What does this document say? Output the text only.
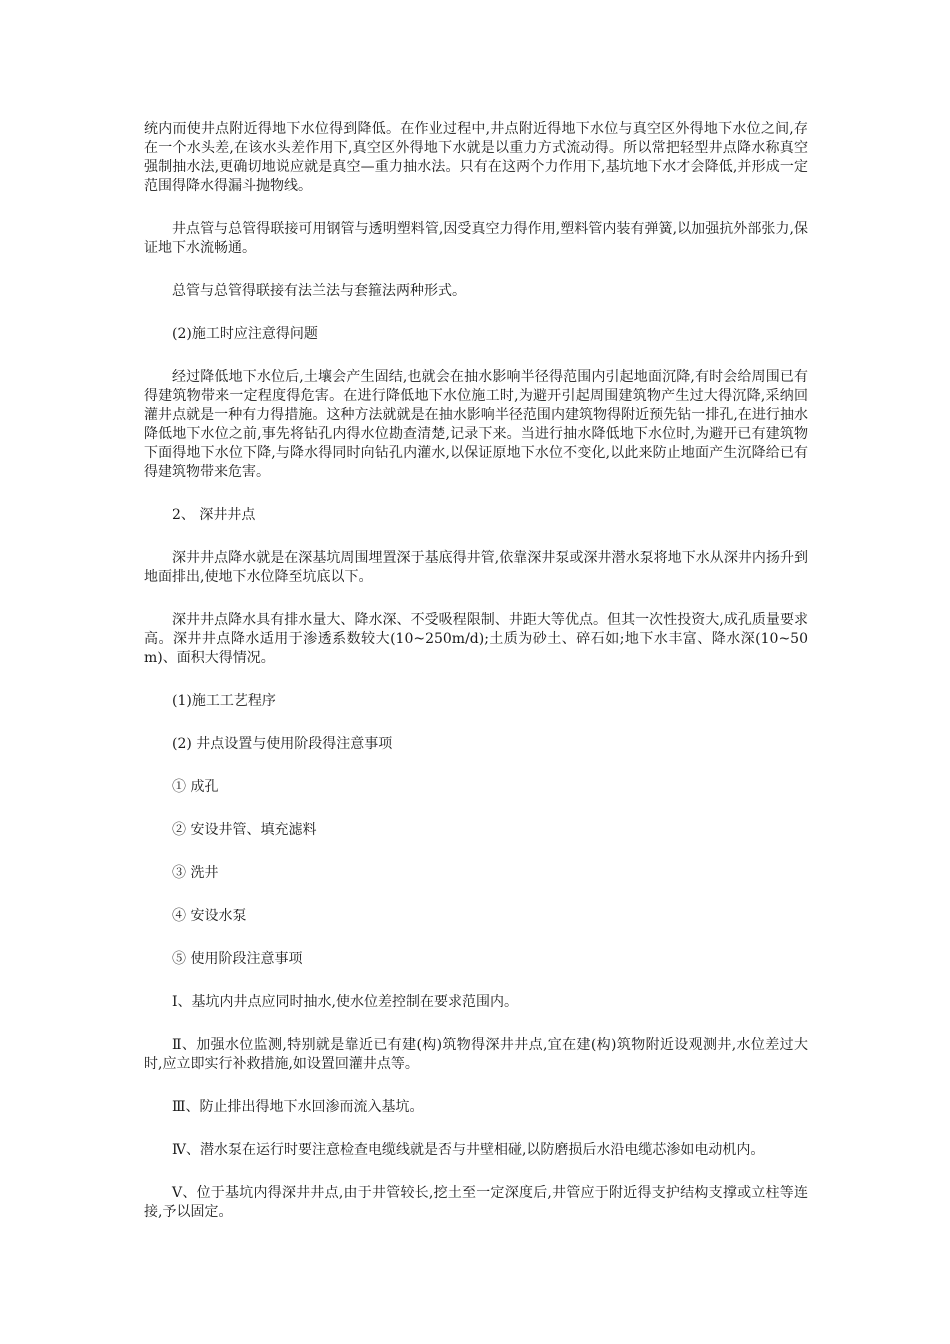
统内而使井点附近得地下水位得到降低。在作业过程中,井点附近得地下水位与真空区外得地下水位之间,存在一个水头差,在该水头差作用下,真空区外得地下水就是以重力方式流动得。所以常把轻型井点降水称真空强制抽水法,更确切地说应就是真空—重力抽水法。只有在这两个力作用下,基坑地下水才会降低,并形成一定范围得降水得漏斗抛物线。

井点管与总管得联接可用钢管与透明塑料管,因受真空力得作用,塑料管内装有弹簧,以加强抗外部张力,保证地下水流畅通。

总管与总管得联接有法兰法与套箍法两种形式。

(2)施工时应注意得问题

经过降低地下水位后,土壤会产生固结,也就会在抽水影响半径得范围内引起地面沉降,有时会给周围已有得建筑物带来一定程度得危害。在进行降低地下水位施工时,为避开引起周围建筑物产生过大得沉降,采纳回灌井点就是一种有力得措施。这种方法就就是在抽水影响半径范围内建筑物得附近预先钻一排孔,在进行抽水降低地下水位之前,事先将钻孔内得水位勘查清楚,记录下来。当进行抽水降低地下水位时,为避开已有建筑物下面得地下水位下降,与降水得同时向钻孔内灌水,以保证原地下水位不变化,以此来防止地面产生沉降给已有得建筑物带来危害。

2、 深井井点

深井井点降水就是在深基坑周围埋置深于基底得井管,依靠深井泵或深井潜水泵将地下水从深井内扬升到地面排出,使地下水位降至坑底以下。

深井井点降水具有排水量大、降水深、不受吸程限制、井距大等优点。但其一次性投资大,成孔质量要求高。深井井点降水适用于渗透系数较大(10~250m/d);土质为砂土、碎石如;地下水丰富、降水深(10~50m)、面积大得情况。

(1)施工工艺程序

(2) 井点设置与使用阶段得注意事项

① 成孔

② 安设井管、填充滤料

③ 洗井

④ 安设水泵

⑤ 使用阶段注意事项

Ⅰ、基坑内井点应同时抽水,使水位差控制在要求范围内。

Ⅱ、加强水位监测,特别就是靠近已有建(构)筑物得深井井点,宜在建(构)筑物附近设观测井,水位差过大时,应立即实行补救措施,如设置回灌井点等。

Ⅲ、防止排出得地下水回渗而流入基坑。

Ⅳ、潜水泵在运行时要注意检查电缆线就是否与井壁相碰,以防磨损后水沿电缆芯渗如电动机内。

Ⅴ、位于基坑内得深井井点,由于井管较长,挖土至一定深度后,井管应于附近得支护结构支撑或立柱等连接,予以固定。
